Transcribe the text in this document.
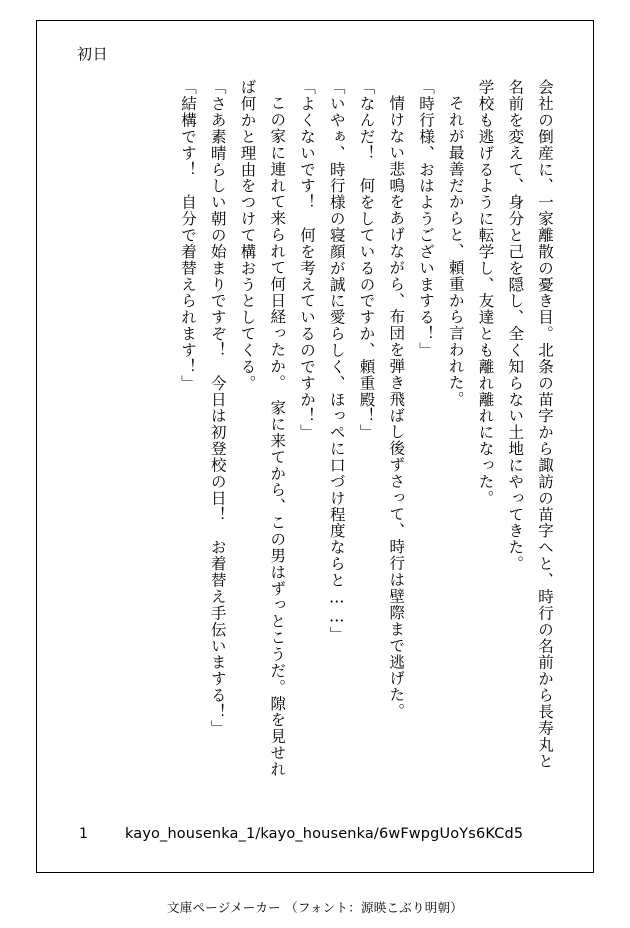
初日

会社の倒産に、一家離散の憂き目。北条の苗字から諏訪の苗字へと、時行の名前から長寿丸と名前を変えて、身分と己を隠し、全く知らない土地にやってきた。

学校も逃げるように転学し、友達とも離れ離れになった。

それが最善だからと、頼重から言われた。

「時行様、おはようございまする！」

情けない悲鳴をあげながら、布団を弾き飛ばし後ずさって、時行は壁際まで逃げた。

「なんだ！　何をしているのですか、頼重殿！」

「いやぁ、時行様の寝顔が誠に愛らしく、ほっぺに口づけ程度ならと……」

「よくないです！　何を考えているのですか！」

この家に連れて来られて何日経ったか。　家に来てから、この男はずっとこうだ。隙を見せれば何かと理由をつけて構おうとしてくる。

「さあ素晴らしい朝の始まりですぞ！　今日は初登校の日！　お着替え手伝いまする！」

「結構です！　自分で着替えられます！」

1	kayo_housenka_1/kayo_housenka/6wFwpgUoYs6KCd5
文庫ページメーカー （フォント：源暎こぶり明朝）
